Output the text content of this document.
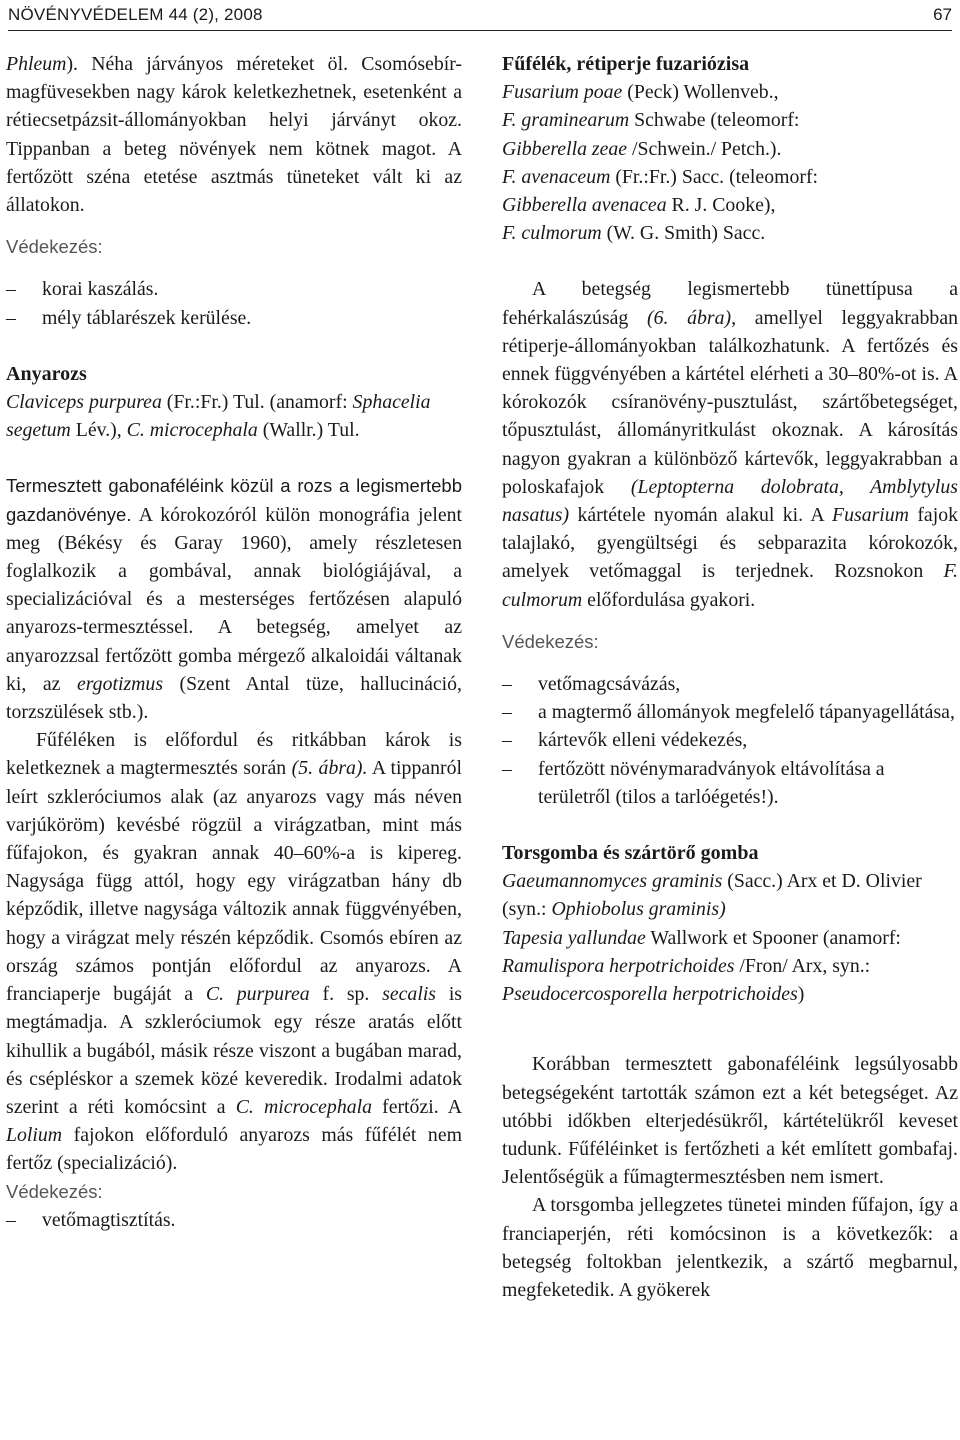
NÖVÉNYVÉDELEM 44 (2), 2008	67

Phleum). Néha járványos méreteket öl. Csomósebír-magfüvesekben nagy károk keletkezhetnek, esetenként a rétiecsetpázsit-állományokban helyi járványt okoz. Tippanban a beteg növények nem kötnek magot. A fertőzött széna etetése asztmás tüneteket vált ki az állatokon.

Védekezés:
– korai kaszálás.
– mély táblarészek kerülése.
Anyarozs

Claviceps purpurea (Fr.:Fr.) Tul. (anamorf: Sphacelia segetum Lév.), C. microcephala (Wallr.) Tul.

Termesztett gabonaféléink közül a rozs a legismertebb gazdanövénye. A kórokozóról külön monográfia jelent meg (Békésy és Garay 1960), amely részletesen foglalkozik a gombával, annak biológiájával, a specializációval és a mesterséges fertőzésen alapuló anyarozs-termesztéssel. A betegség, amelyet az anyarozzsal fertőzött gomba mérgező alkaloidái váltanak ki, az ergotizmus (Szent Antal tüze, hallucináció, torzszülések stb.).

Fűféléken is előfordul és ritkábban károk is keletkeznek a magtermesztés során (5. ábra). A tippanról leírt szkleróciumos alak (az anyarozs vagy más néven varjúköröm) kevésbé rögzül a virágzatban, mint más fűfajokon, és gyakran annak 40–60%-a is kipereg. Nagysága függ attól, hogy egy virágzatban hány db képződik, illetve nagysága változik annak függvényében, hogy a virágzat mely részén képződik. Csomós ebíren az ország számos pontján előfordul az anyarozs. A franciaperje bugáját a C. purpurea f. sp. secalis is megtámadja. A szkleróciumok egy része aratás előtt kihullik a bugából, másik része viszont a bugában marad, és csépléskor a szemek közé keveredik. Irodalmi adatok szerint a réti komócsint a C. microcephala fertőzi. A Lolium fajokon előforduló anyarozs más fűfélét nem fertőz (specializáció).

Védekezés:
– vetőmagtisztítás.
Fűfélék, rétiperje fuzariózisa
Fusarium poae (Peck) Wollenveb.,
F. graminearum Schwabe (teleomorf:
Gibberella zeae /Schwein./ Petch.).
F. avenaceum (Fr.:Fr.) Sacc. (teleomorf:
Gibberella avenacea R. J. Cooke),
F. culmorum (W. G. Smith) Sacc.

A betegség legismertebb tünettípusa a fehérkalászúság (6. ábra), amellyel leggyakrabban rétiperje-állományokban találkozhatunk. A fertőzés és ennek függvényében a kártétel elérheti a 30–80%-ot is. A kórokozók csíranövény-pusztulást, szártőbetegséget, tőpusztulást, állományritkulást okoznak. A károsítás nagyon gyakran a különböző kártevők, leggyakrabban a poloskafajok (Leptopterna dolobrata, Amblytylus nasatus) kártétele nyomán alakul ki. A Fusarium fajok talajlakó, gyengültségi és sebparazita kórokozók, amelyek vetőmaggal is terjednek. Rozsnokon F. culmorum előfordulása gyakori.

Védekezés:
– vetőmagcsávázás,
– a magtermő állományok megfelelő tápanyagellátása,
– kártevők elleni védekezés,
– fertőzött növénymaradványok eltávolítása a területről (tilos a tarlóégetés!).
Torsgomba és szártörő gomba

Gaeumannomyces graminis (Sacc.) Arx et D. Olivier (syn.: Ophiobolus graminis)
Tapesia yallundae Wallwork et Spooner (anamorf: Ramulispora herpotrichoides /Fron/ Arx, syn.: Pseudocercosporella herpotrichoides)

Korábban termesztett gabonaféléink legsúlyosabb betegségeként tartották számon ezt a két betegséget. Az utóbbi időkben elterjedésükről, kártételükről keveset tudunk. Fűféléinket is fertőzheti a két említett gombafaj. Jelentőségük a fűmagtermesztésben nem ismert.

A torsgomba jellegzetes tünetei minden fűfajon, így a franciaperjén, réti komócsinon is a következők: a betegség foltokban jelentkezik, a szártő megbarnul, megfeketedik. A gyökerek
